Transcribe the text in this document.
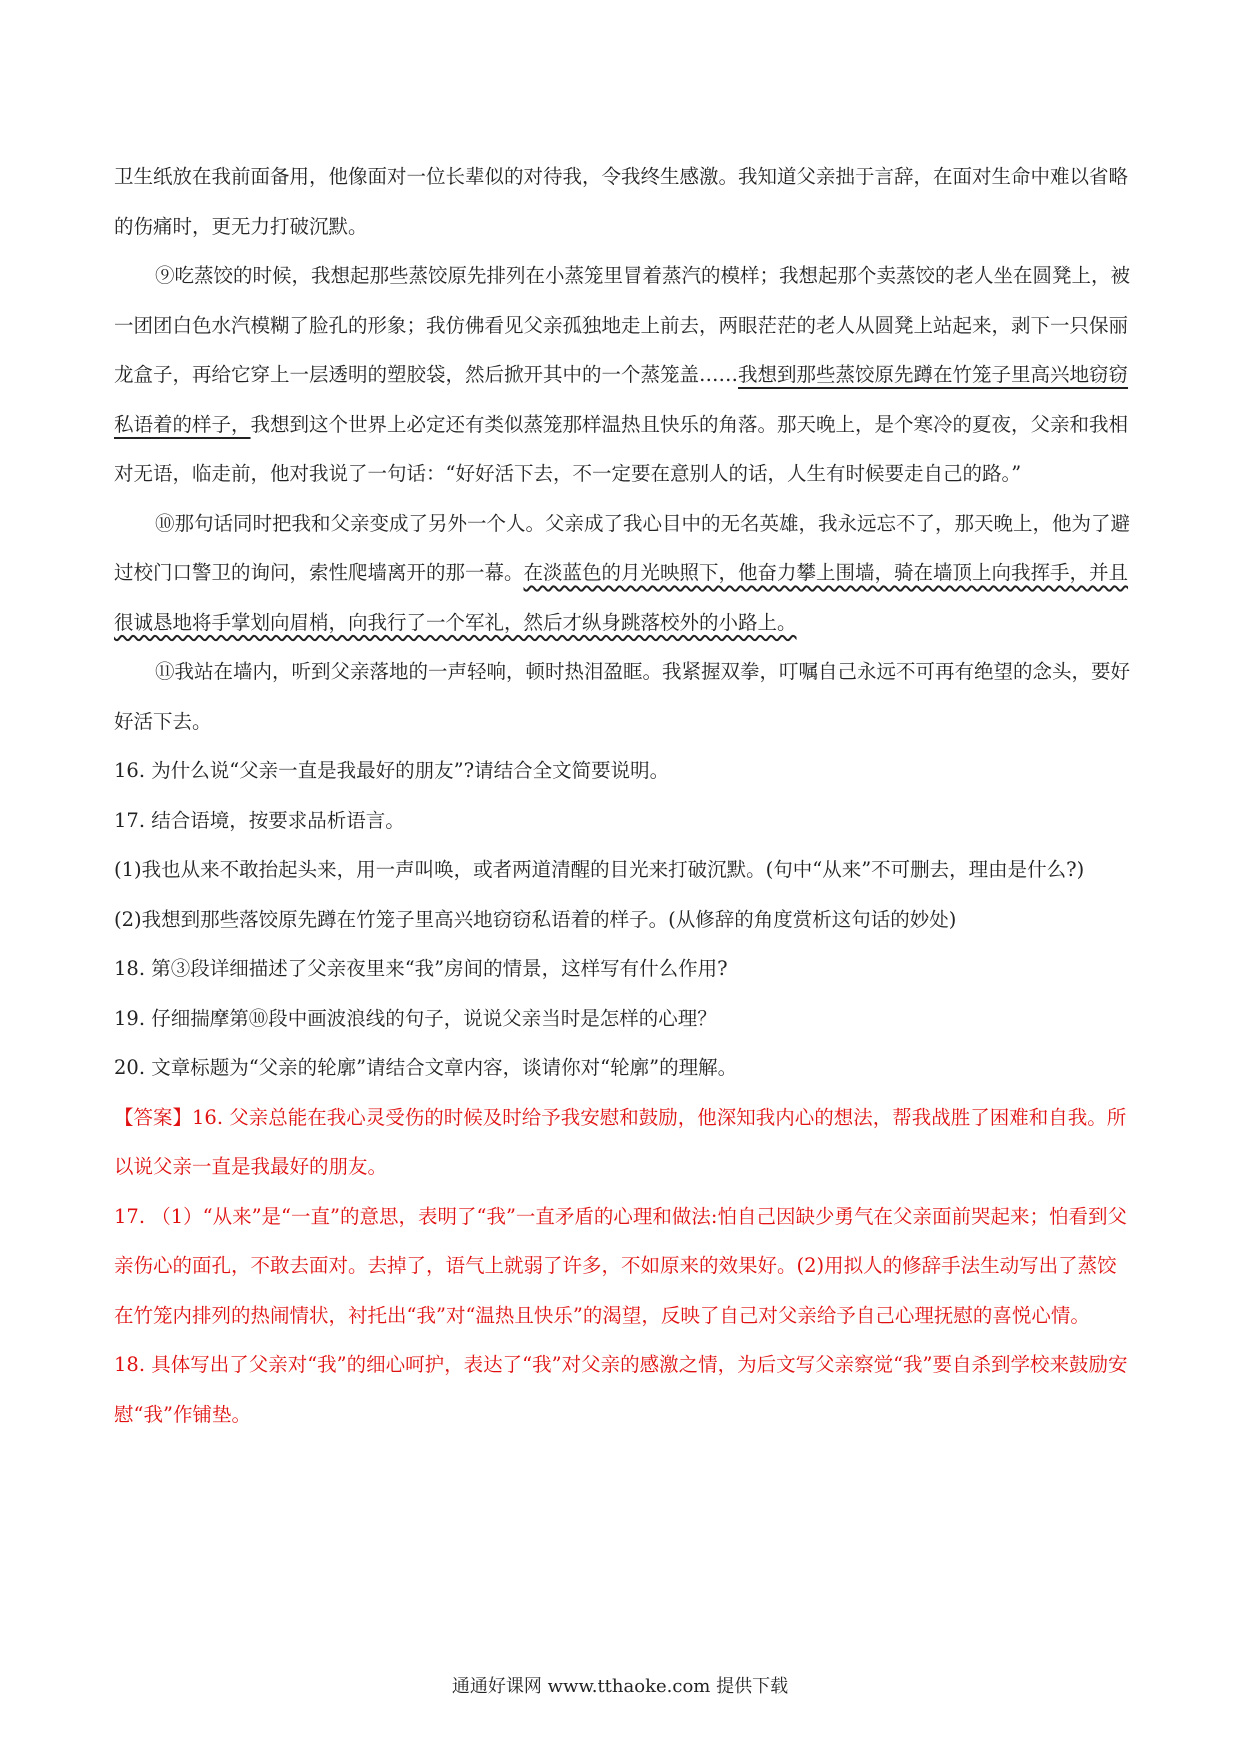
卫生纸放在我前面备用，他像面对一位长辈似的对待我，令我终生感激。我知道父亲拙于言辞，在面对生命中难以省略的伤痛时，更无力打破沉默。

⑨吃蒸饺的时候，我想起那些蒸饺原先排列在小蒸笼里冒着蒸汽的模样；我想起那个卖蒸饺的老人坐在圆凳上，被一团团白色水汽模糊了脸孔的形象；我仿佛看见父亲孤独地走上前去，两眼茫茫的老人从圆凳上站起来，剥下一只保丽龙盒子，再给它穿上一层透明的塑胶袋，然后掀开其中的一个蒸笼盖……我想到那些蒸饺原先蹲在竹笼子里高兴地窃窃私语着的样子，我想到这个世界上必定还有类似蒸笼那样温热且快乐的角落。那天晚上，是个寒冷的夏夜，父亲和我相对无语，临走前，他对我说了一句话：“好好活下去，不一定要在意别人的话，人生有时候要走自己的路。”

⑩那句话同时把我和父亲变成了另外一个人。父亲成了我心目中的无名英雄，我永远忘不了，那天晚上，他为了避过校门口警卫的询问，索性爬墙离开的那一幕。在淡蓝色的月光映照下，他奋力攀上围墙，骑在墙顶上向我挥手，并且很诚恳地将手掌划向眉梢，向我行了一个军礼，然后才纵身跳落校外的小路上。

⑪我站在墙内，听到父亲落地的一声轻响，顿时热泪盈眶。我紧握双拳，叮嘱自己永远不可再有绝望的念头，要好好活下去。

16. 为什么说“父亲一直是我最好的朋友”?请结合全文简要说明。

17. 结合语境，按要求品析语言。

(1)我也从来不敢抬起头来，用一声叫唤，或者两道清醒的目光来打破沉默。(句中“从来”不可删去，理由是什么?)

(2)我想到那些落饺原先蹲在竹笼子里高兴地窃窃私语着的样子。(从修辞的角度赏析这句话的妙处)

18. 第③段详细描述了父亲夜里来“我”房间的情景，这样写有什么作用?

19. 仔细揣摩第⑩段中画波浪线的句子，说说父亲当时是怎样的心理？

20. 文章标题为“父亲的轮廓”请结合文章内容，谈请你对“轮廓”的理解。

【答案】16. 父亲总能在我心灵受伤的时候及时给予我安慰和鼓励，他深知我内心的想法，帮我战胜了困难和自我。所以说父亲一直是我最好的朋友。

17. （1）“从来”是“一直”的意思，表明了“我”一直矛盾的心理和做法:怕自己因缺少勇气在父亲面前哭起来；怕看到父亲伤心的面孔，不敢去面对。去掉了，语气上就弱了许多，不如原来的效果好。(2)用拟人的修辞手法生动写出了蒸饺在竹笼内排列的热闹情状，衬托出“我”对“温热且快乐”的渴望，反映了自己对父亲给予自己心理抚慰的喜悦心情。

18. 具体写出了父亲对“我”的细心呵护，表达了“我”对父亲的感激之情，为后文写父亲察觉“我”要自杀到学校来鼓励安慰“我”作铺垫。

通通好课网 www.tthaoke.com 提供下载
